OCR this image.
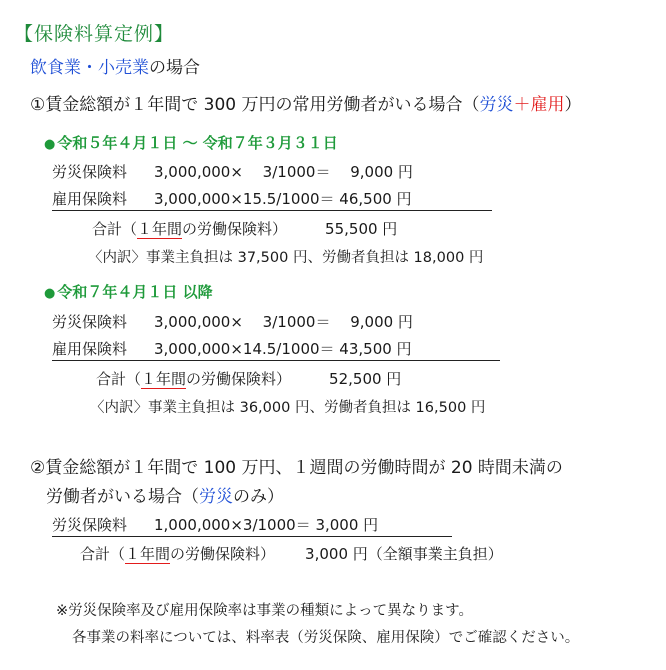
【保険料算定例】
飲食業・小売業の場合
①賃金総額が１年間で 300 万円の常用労働者がいる場合（労災＋雇用）
● 令和５年４月１日 ～ 令和７年３月３１日
労災保険料 3,000,000×　 3/1000＝　 9,000 円
雇用保険料 3,000,000×15.5/1000＝ 46,500 円
合計（１年間の労働保険料）	55,500 円
〈内訳〉事業主負担は 37,500 円、労働者負担は 18,000 円
● 令和７年４月１日 以降
労災保険料 3,000,000×　 3/1000＝　 9,000 円
雇用保険料 3,000,000×14.5/1000＝ 43,500 円
合計（１年間の労働保険料）	52,500 円
〈内訳〉事業主負担は 36,000 円、労働者負担は 16,500 円
②賃金総額が１年間で 100 万円、１週間の労働時間が 20 時間未満の
労働者がいる場合（労災のみ）
労災保険料 1,000,000×3/1000＝ 3,000 円
合計（１年間の労働保険料） 3,000 円（全額事業主負担）
※労災保険率及び雇用保険率は事業の種類によって異なります。
各事業の料率については、料率表（労災保険、雇用保険）でご確認ください。
